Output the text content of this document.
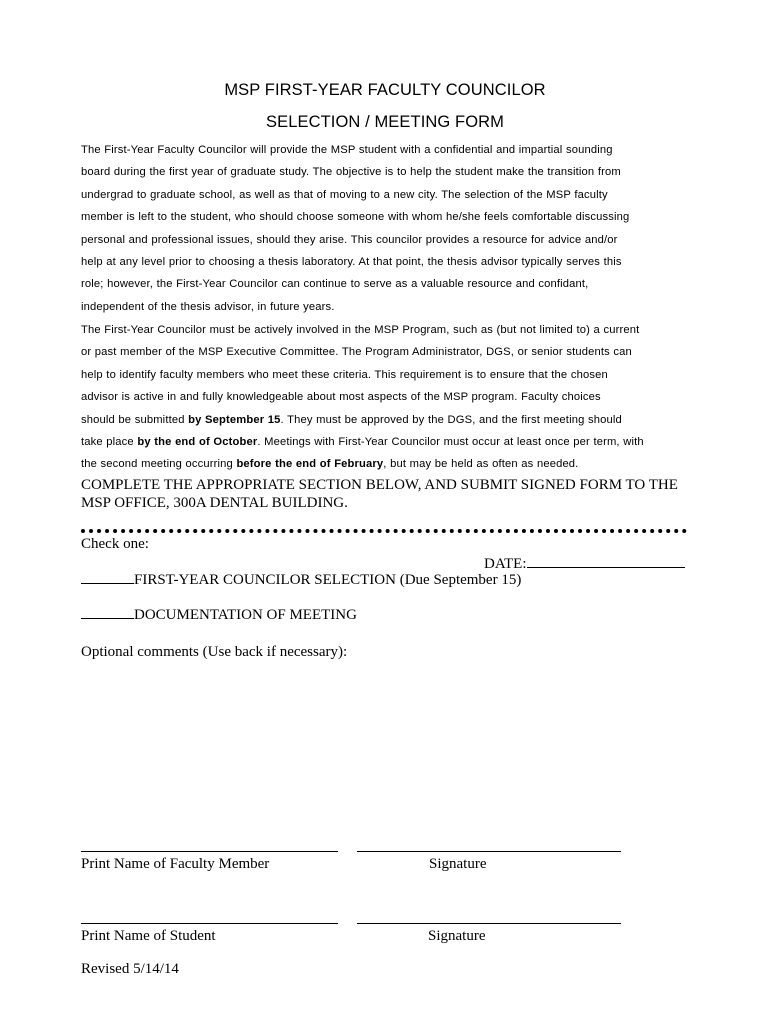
MSP FIRST-YEAR FACULTY COUNCILOR
SELECTION / MEETING FORM
The First-Year Faculty Councilor will provide the MSP student with a confidential and impartial sounding
board during the first year of graduate study. The objective is to help the student make the transition from
undergrad to graduate school, as well as that of moving to a new city. The selection of the MSP faculty
member is left to the student, who should choose someone with whom he/she feels comfortable discussing
personal and professional issues, should they arise. This councilor provides a resource for advice and/or
help at any level prior to choosing a thesis laboratory. At that point, the thesis advisor typically serves this
role; however, the First-Year Councilor can continue to serve as a valuable resource and confidant,
independent of the thesis advisor, in future years.
The First-Year Councilor must be actively involved in the MSP Program, such as (but not limited to) a current
or past member of the MSP Executive Committee. The Program Administrator, DGS, or senior students can
help to identify faculty members who meet these criteria. This requirement is to ensure that the chosen
advisor is active in and fully knowledgeable about most aspects of the MSP program. Faculty choices
should be submitted by September 15. They must be approved by the DGS, and the first meeting should
take place by the end of October. Meetings with First-Year Councilor must occur at least once per term, with
the second meeting occurring before the end of February, but may be held as often as needed.
COMPLETE THE APPROPRIATE SECTION BELOW, AND SUBMIT SIGNED FORM TO THE
MSP OFFICE, 300A DENTAL BUILDING.
Check one:
DATE:
FIRST-YEAR COUNCILOR SELECTION (Due September 15)
DOCUMENTATION OF MEETING
Optional comments (Use back if necessary):
Print Name of Faculty Member	Signature
Print Name of Student	Signature
Revised 5/14/14
